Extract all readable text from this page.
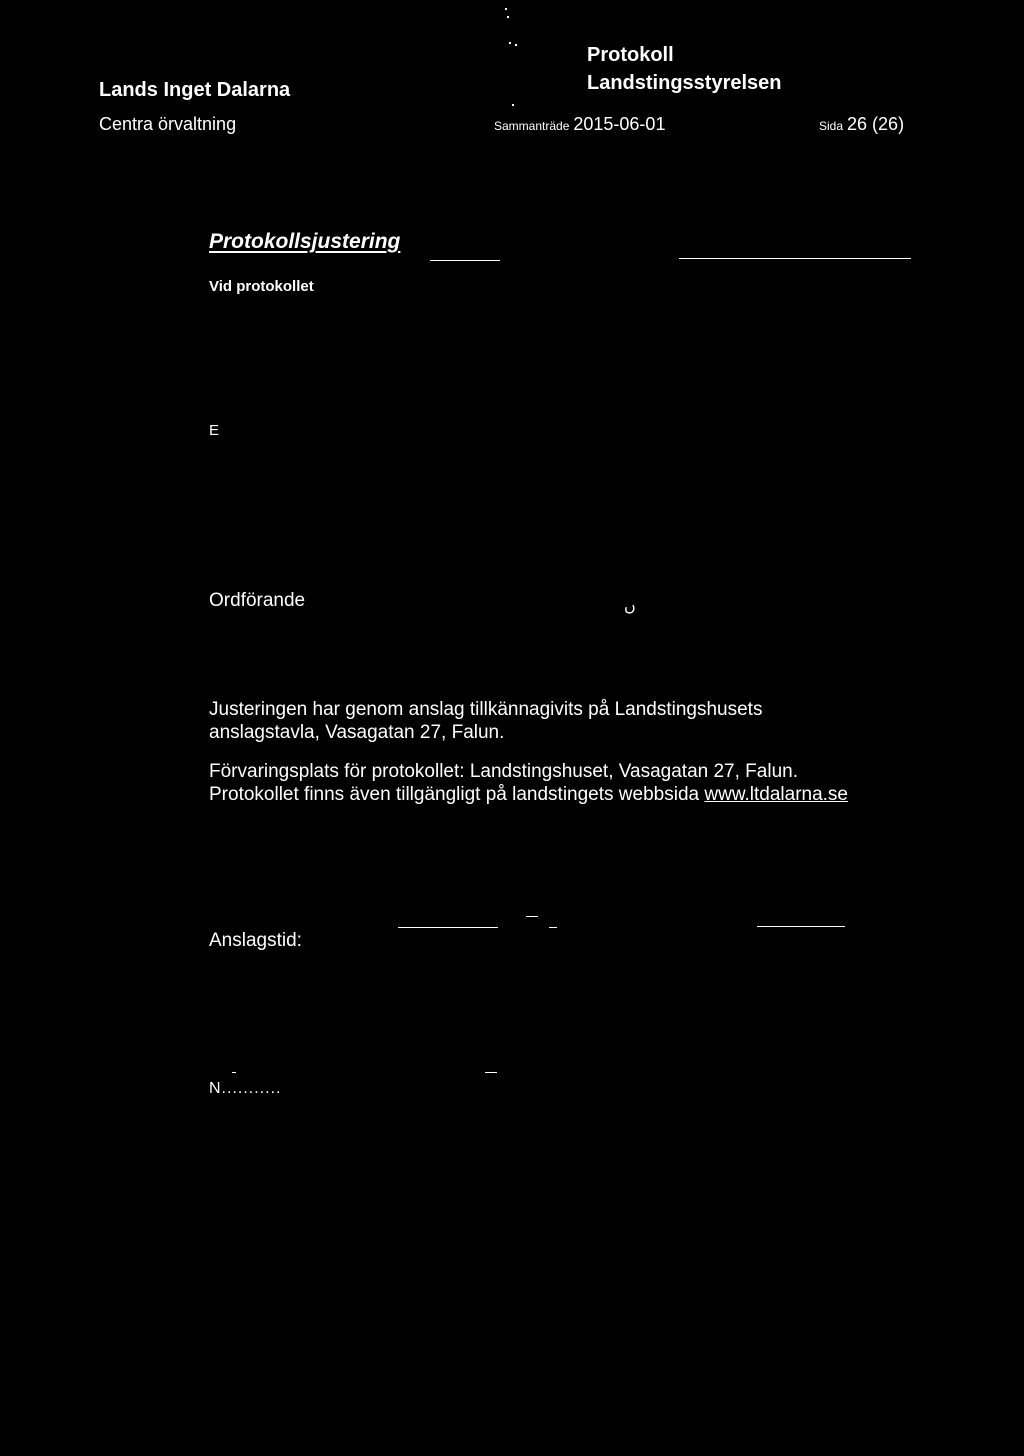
Lands Inget Dalarna
Centra örvaltning
Protokoll
Landstingsstyrelsen
Sammanträde 2015-06-01	Sida 26 (26)
Protokollsjustering
Vid protokollet
E
Ordförande	ں
Justeringen har genom anslag tillkännagivits på Landstingshusets
anslagstavla, Vasagatan 27, Falun.
Förvaringsplats för protokollet: Landstingshuset, Vasagatan 27, Falun.
Protokollet finns även tillgängligt på landstingets webbsida www.ltdalarna.se
Anslagstid:
N...........
